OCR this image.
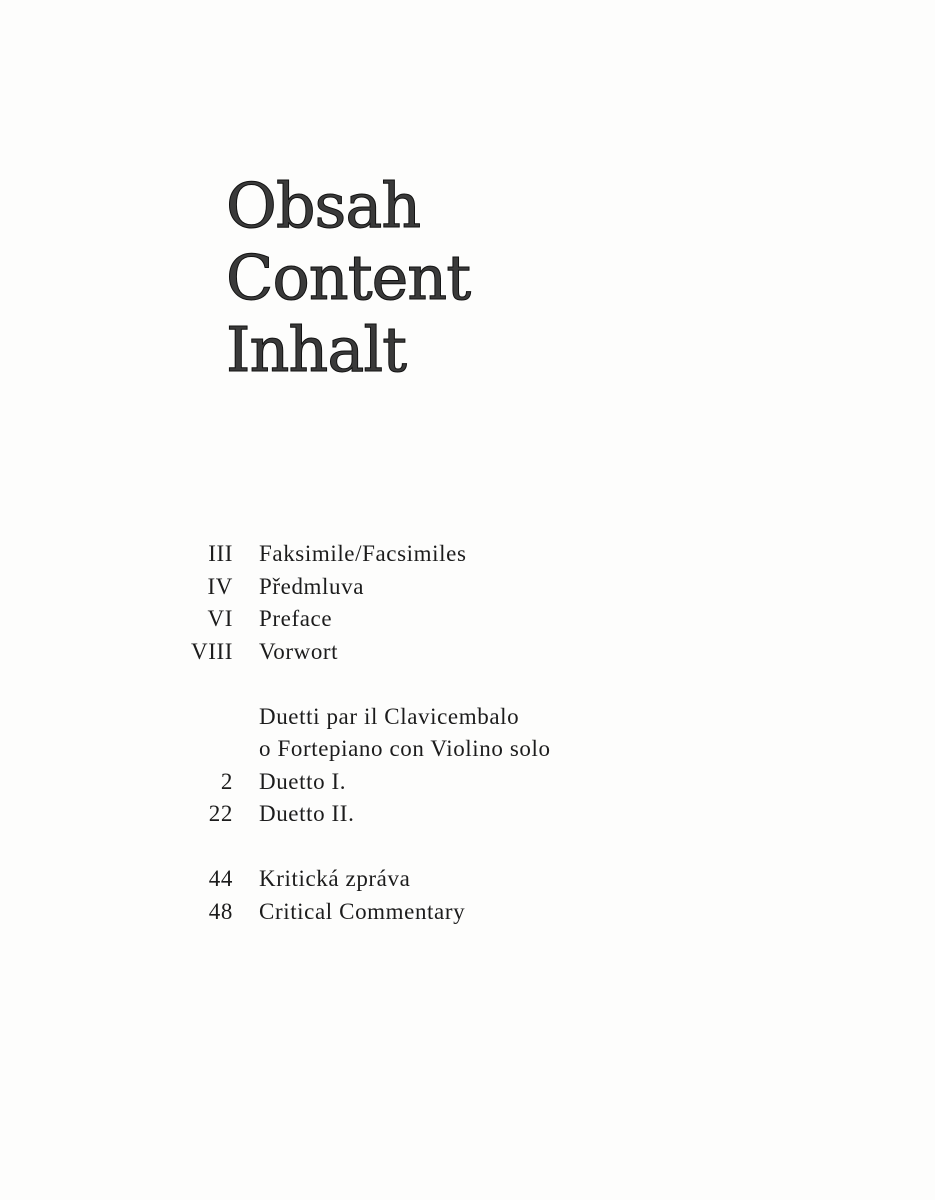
Obsah
Content
Inhalt
III Faksimile/Facsimiles
IV Předmluva
VI Preface
VIII Vorwort
Duetti par il Clavicembalo
o Fortepiano con Violino solo
2 Duetto I.
22 Duetto II.
44 Kritická zpráva
48 Critical Commentary
